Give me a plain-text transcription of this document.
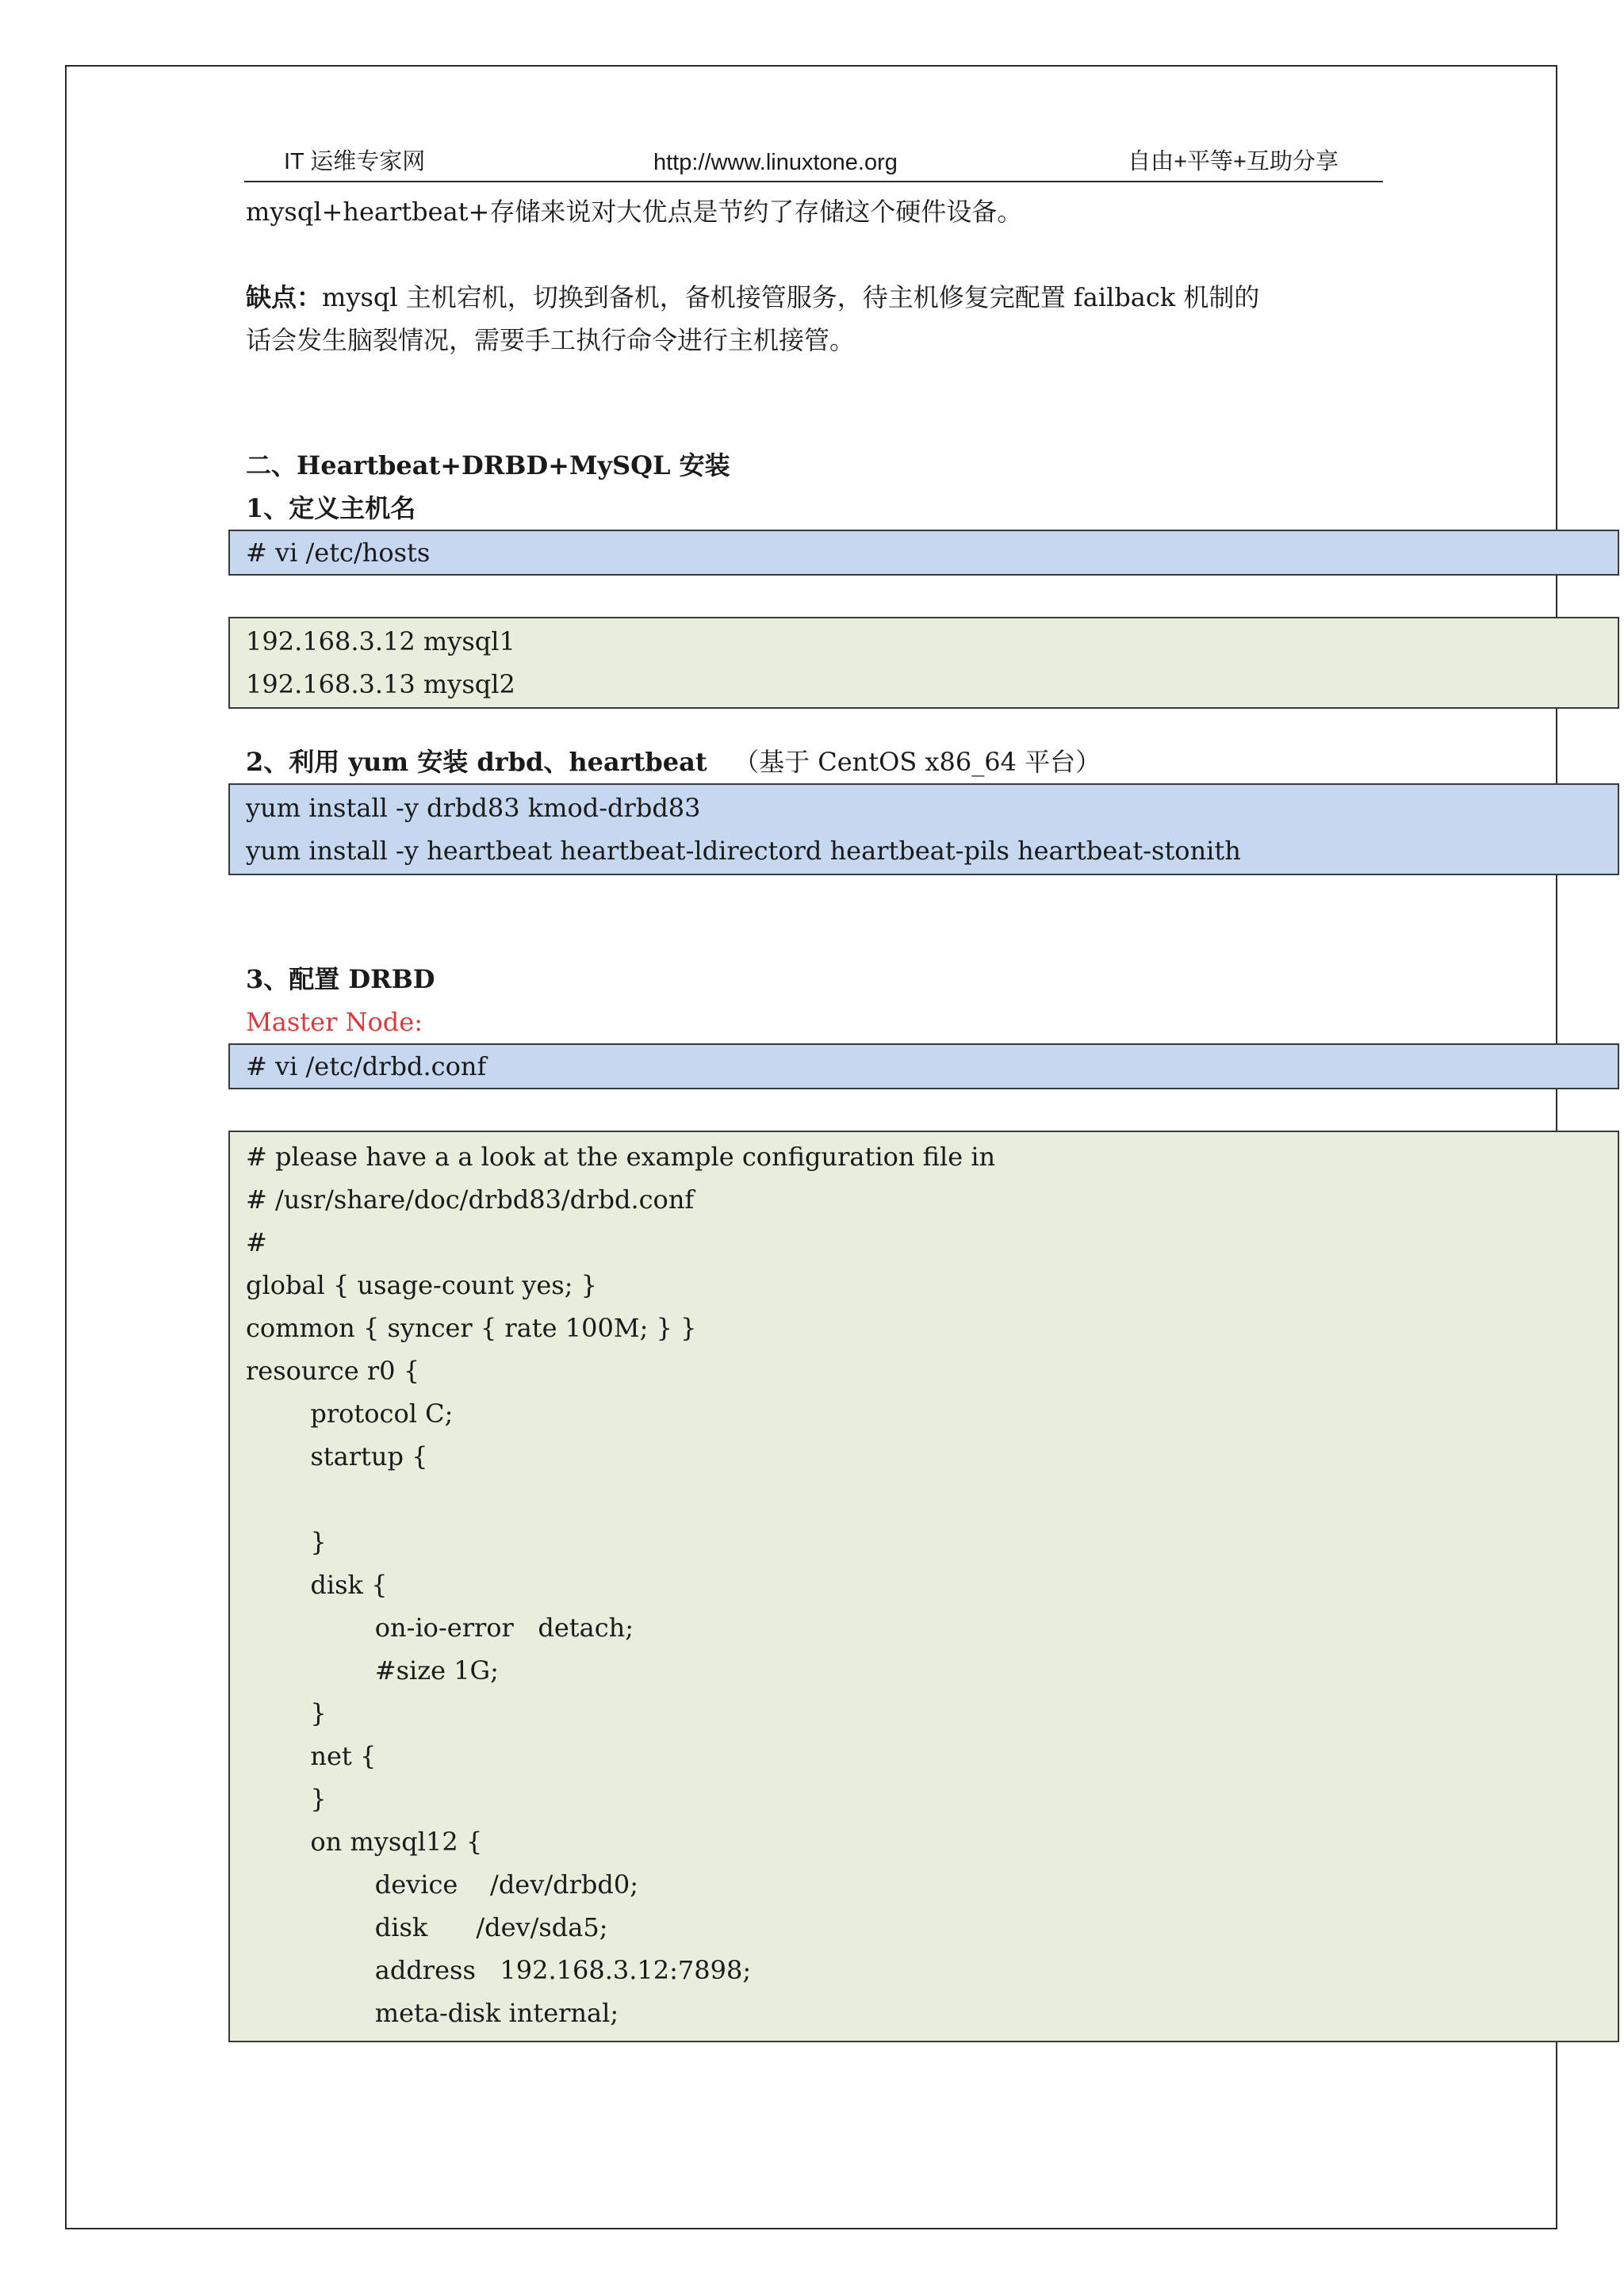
IT 运维专家网	http://www.linuxtone.org	自由+平等+互助分享

mysql+heartbeat+存储来说对大优点是节约了存储这个硬件设备。

缺点：mysql 主机宕机，切换到备机，备机接管服务，待主机修复完配置 failback 机制的

话会发生脑裂情况，需要手工执行命令进行主机接管。

二、Heartbeat+DRBD+MySQL 安装

1、定义主机名

# vi /etc/hosts

192.168.3.12 mysql1

192.168.3.13 mysql2

2、利用 yum 安装 drbd、heartbeat （基于 CentOS x86_64 平台）

yum install -y drbd83 kmod-drbd83

yum install -y heartbeat heartbeat-ldirectord heartbeat-pils heartbeat-stonith

3、配置 DRBD

Master Node:

# vi /etc/drbd.conf

# please have a a look at the example configuration file in

# /usr/share/doc/drbd83/drbd.conf

#

global { usage-count yes; }

common { syncer { rate 100M; } }

resource r0 {

protocol C;

startup {

}

disk {

on-io-error   detach;

#size 1G;

}

net {

}

on mysql12 {

device    /dev/drbd0;

disk      /dev/sda5;

address   192.168.3.12:7898;

meta-disk internal;
